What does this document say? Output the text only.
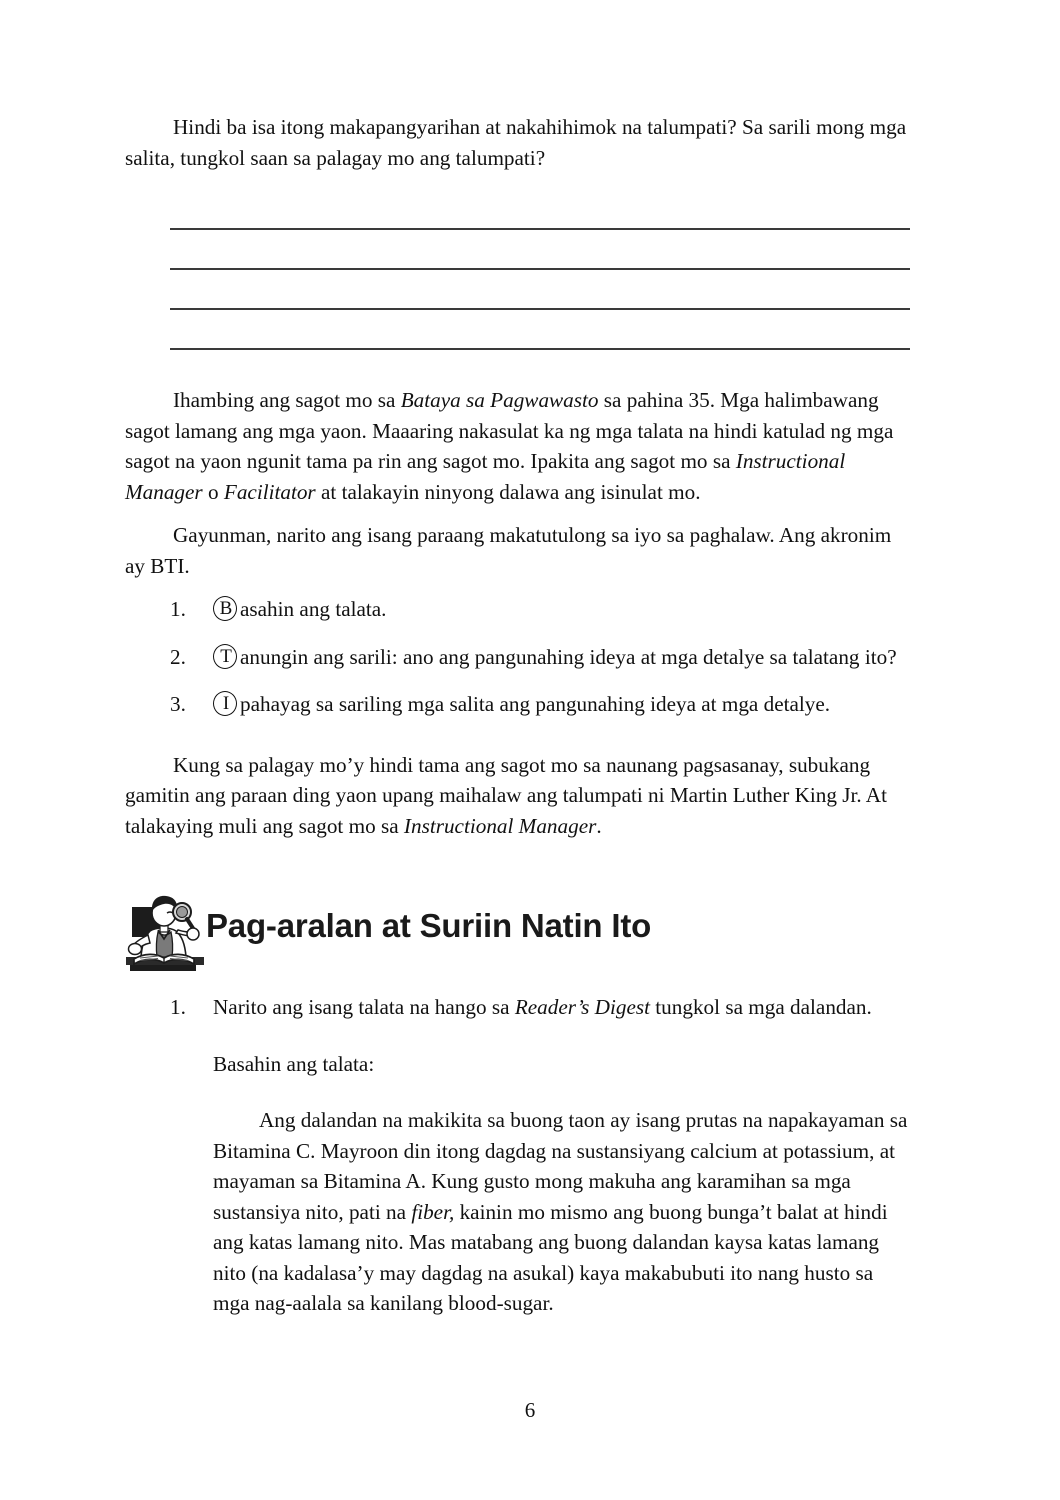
Hindi ba isa itong makapangyarihan at nakahihimok na talumpati? Sa sarili mong mga salita, tungkol saan sa palagay mo ang talumpati?

Ihambing ang sagot mo sa Bataya sa Pagwawasto sa pahina 35. Mga halimbawang sagot lamang ang mga yaon. Maaaring nakasulat ka ng mga talata na hindi katulad ng mga sagot na yaon ngunit tama pa rin ang sagot mo. Ipakita ang sagot mo sa Instructional Manager o Facilitator at talakayin ninyong dalawa ang isinulat mo.

Gayunman, narito ang isang paraang makatutulong sa iyo sa paghalaw. Ang akronim ay BTI.

1.	B asahin ang talata.
2.	T anungin ang sarili: ano ang pangunahing ideya at mga detalye sa talatang ito?
3.	I pahayag sa sariling mga salita ang pangunahing ideya at mga detalye.

Kung sa palagay mo’y hindi tama ang sagot mo sa naunang pagsasanay, subukang gamitin ang paraan ding yaon upang maihalaw ang talumpati ni Martin Luther King Jr. At talakaying muli ang sagot mo sa Instructional Manager.

Pag-aralan at Suriin Natin Ito
1. Narito ang isang talata na hango sa Reader’s Digest tungkol sa mga dalandan.
Basahin ang talata:
Ang dalandan na makikita sa buong taon ay isang prutas na napakayaman sa Bitamina C. Mayroon din itong dagdag na sustansiyang calcium at potassium, at mayaman sa Bitamina A. Kung gusto mong makuha ang karamihan sa mga sustansiya nito, pati na fiber, kainin mo mismo ang buong bunga’t balat at hindi ang katas lamang nito. Mas matabang ang buong dalandan kaysa katas lamang nito (na kadalasa’y may dagdag na asukal) kaya makabubuti ito nang husto sa mga nag-aalala sa kanilang blood-sugar.
6
